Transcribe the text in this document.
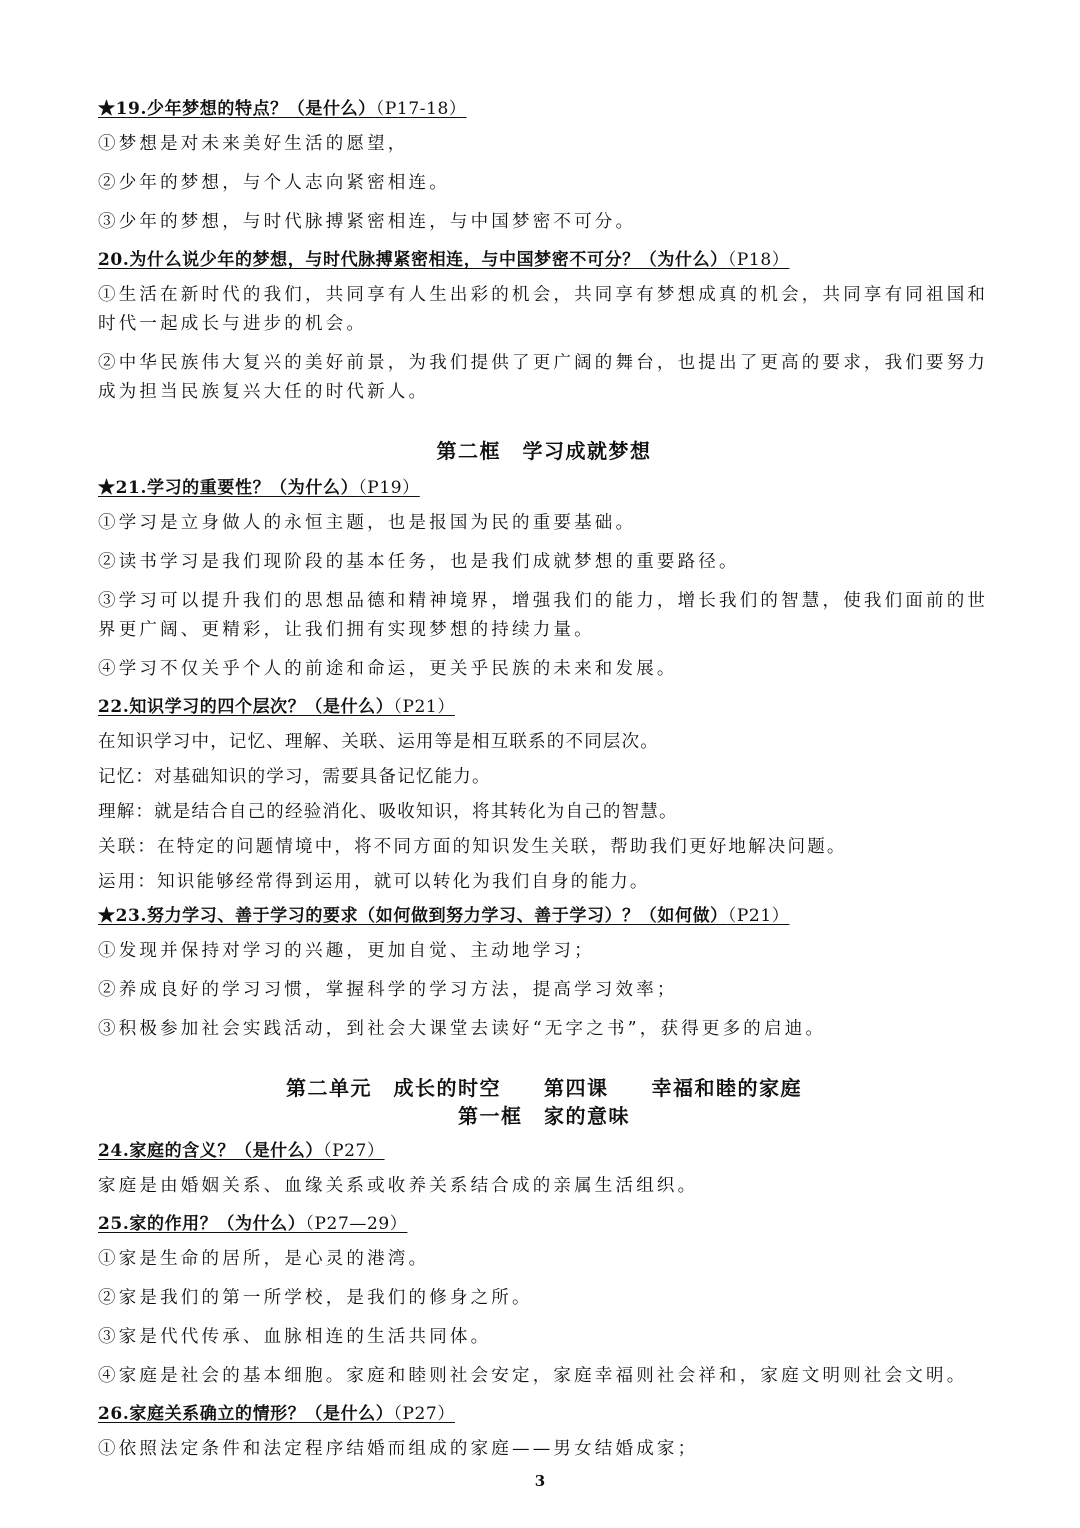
★19.少年梦想的特点？（是什么）（P17-18）
①梦想是对未来美好生活的愿望，
②少年的梦想，与个人志向紧密相连。
③少年的梦想，与时代脉搏紧密相连，与中国梦密不可分。
20.为什么说少年的梦想，与时代脉搏紧密相连，与中国梦密不可分？（为什么）（P18）
①生活在新时代的我们，共同享有人生出彩的机会，共同享有梦想成真的机会，共同享有同祖国和时代一起成长与进步的机会。
②中华民族伟大复兴的美好前景，为我们提供了更广阔的舞台，也提出了更高的要求，我们要努力成为担当民族复兴大任的时代新人。
第二框　学习成就梦想
★21.学习的重要性？（为什么）（P19）
①学习是立身做人的永恒主题，也是报国为民的重要基础。
②读书学习是我们现阶段的基本任务，也是我们成就梦想的重要路径。
③学习可以提升我们的思想品德和精神境界，增强我们的能力，增长我们的智慧，使我们面前的世界更广阔、更精彩，让我们拥有实现梦想的持续力量。
④学习不仅关乎个人的前途和命运，更关乎民族的未来和发展。
22.知识学习的四个层次？（是什么）（P21）
在知识学习中，记忆、理解、关联、运用等是相互联系的不同层次。
记忆：对基础知识的学习，需要具备记忆能力。
理解：就是结合自己的经验消化、吸收知识，将其转化为自己的智慧。
关联：在特定的问题情境中，将不同方面的知识发生关联，帮助我们更好地解决问题。
运用：知识能够经常得到运用，就可以转化为我们自身的能力。
★23.努力学习、善于学习的要求（如何做到努力学习、善于学习）？（如何做）（P21）
①发现并保持对学习的兴趣，更加自觉、主动地学习；
②养成良好的学习习惯，掌握科学的学习方法，提高学习效率；
③积极参加社会实践活动，到社会大课堂去读好“无字之书”，获得更多的启迪。
第二单元　成长的时空　　第四课　　幸福和睦的家庭
第一框　家的意味
24.家庭的含义？（是什么）（P27）
家庭是由婚姻关系、血缘关系或收养关系结合成的亲属生活组织。
25.家的作用？（为什么）（P27—29）
①家是生命的居所，是心灵的港湾。
②家是我们的第一所学校，是我们的修身之所。
③家是代代传承、血脉相连的生活共同体。
④家庭是社会的基本细胞。家庭和睦则社会安定，家庭幸福则社会祥和，家庭文明则社会文明。
26.家庭关系确立的情形？（是什么）（P27）
①依照法定条件和法定程序结婚而组成的家庭——男女结婚成家；
3
